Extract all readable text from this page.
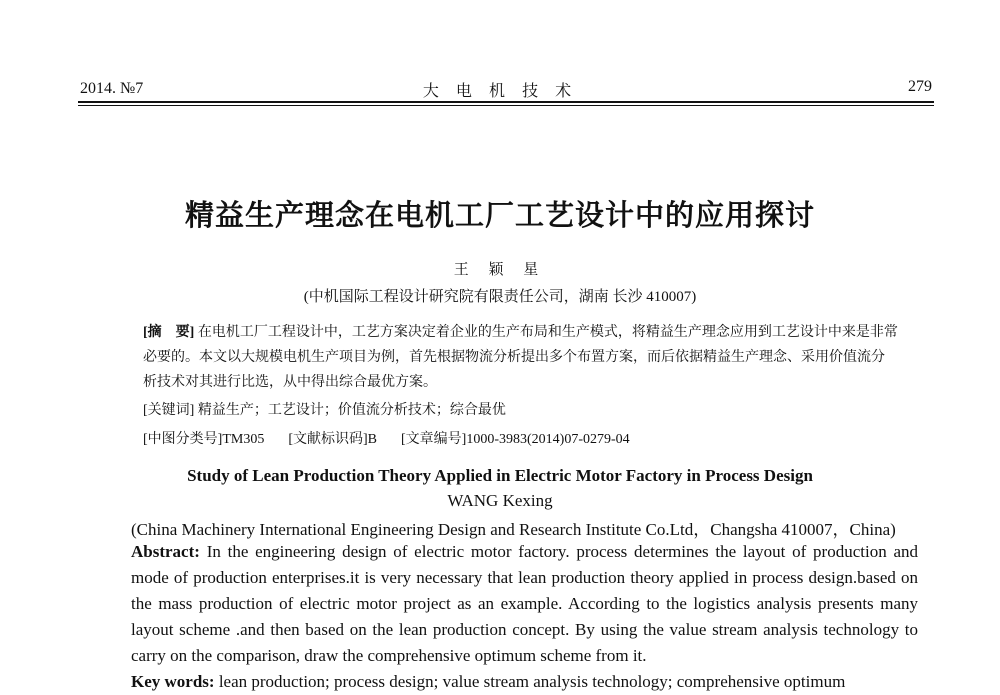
2014. №7	大 电 机 技 术	279
精益生产理念在电机工厂工艺设计中的应用探讨
王 颖 星
(中机国际工程设计研究院有限责任公司，湖南 长沙 410007)
[摘　要] 在电机工厂工程设计中，工艺方案决定着企业的生产布局和生产模式，将精益生产理念应用到工艺设计中来是非常必要的。本文以大规模电机生产项目为例，首先根据物流分析提出多个布置方案，而后依据精益生产理念、采用价值流分析技术对其进行比选，从中得出综合最优方案。
[关键词] 精益生产；工艺设计；价值流分析技术；综合最优
[中图分类号]TM305 [文献标识码]B [文章编号]1000-3983(2014)07-0279-04
Study of Lean Production Theory Applied in Electric Motor Factory in Process Design
WANG Kexing
(China Machinery International Engineering Design and Research Institute Co.Ltd，Changsha 410007，China)
Abstract: In the engineering design of electric motor factory. process determines the layout of production and mode of production enterprises.it is very necessary that lean production theory applied in process design.based on the mass production of electric motor project as an example. According to the logistics analysis presents many layout scheme .and then based on the lean production concept. By using the value stream analysis technology to carry on the comparison, draw the comprehensive optimum scheme from it.
Key words: lean production; process design; value stream analysis technology; comprehensive optimum
